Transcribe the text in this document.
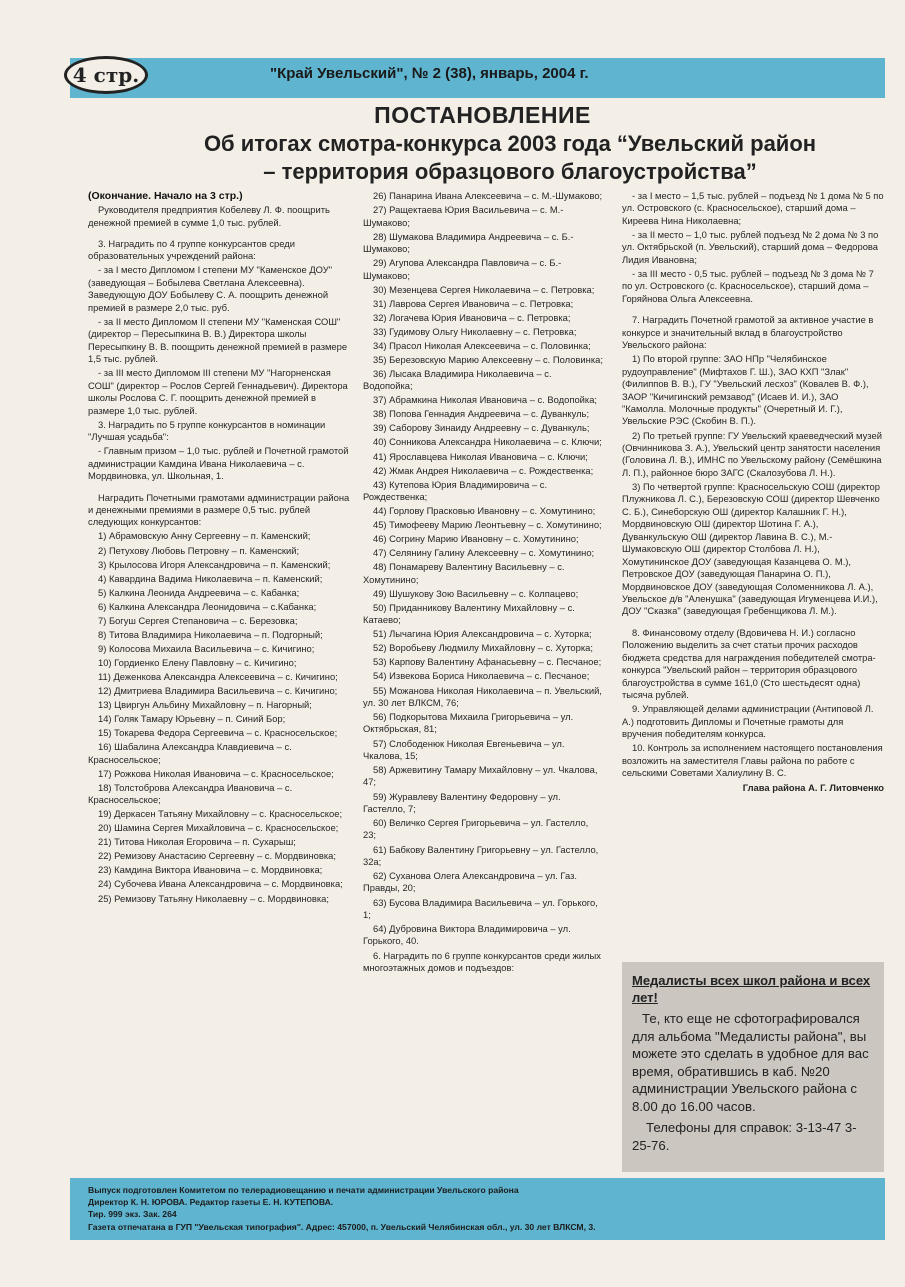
4 стр.	"Край Увельский", № 2 (38), январь, 2004 г.
ПОСТАНОВЛЕНИЕ
Об итогах смотра-конкурса 2003 года “Увельский район
– территория образцового благоустройства”

(Окончание. Начало на 3 стр.)

Руководителя предприятия Кобелеву Л. Ф. поощрить денежной премией в сумме 1,0 тыс. рублей.

3. Наградить по 4 группе конкурсантов среди образовательных учреждений района:

- за I место Дипломом I степени МУ "Каменское ДОУ" (заведующая – Бобылева Светлана Алексеевна). Заведующую ДОУ Бобылеву С. А. поощрить денежной премией в размере 2,0 тыс. руб.

- за II место Дипломом II степени МУ "Каменская СОШ" (директор – Пересыпкина В. В.) Директора школы Пересыпкину В. В. поощрить денежной премией в размере 1,5 тыс. рублей.

- за III место Дипломом III степени МУ "Нагорненская СОШ" (директор – Рослов Сергей Геннадьевич). Директора школы Рослова С. Г. поощрить денежной премией в размере 1,0 тыс. рублей.

3. Наградить по 5 группе конкурсантов в номинации "Лучшая усадьба":

- Главным призом – 1,0 тыс. рублей и Почетной грамотой администрации Камдина Ивана Николаевича – с. Мордвиновка, ул. Школьная, 1.

Наградить Почетными грамотами администрации района и денежными премиями в размере 0,5 тыс. рублей следующих конкурсантов:

1) Абрамовскую Анну Сергеевну – п. Каменский;

2) Петухову Любовь Петровну – п. Каменский;

3) Крылосова Игоря Александровича – п. Каменский;

4) Кавардина Вадима Николаевича – п. Каменский;

5) Калкина Леонида Андреевича – с. Кабанка;

6) Калкина Александра Леонидовича – с.Кабанка;

7) Богуш Сергея Степановича – с. Березовка;

8) Титова Владимира Николаевича – п. Подгорный;

9) Колосова Михаила Васильевича – с. Кичигино;

10) Гордиенко Елену Павловну – с. Кичигино;

11) Деженкова Александра Алексеевича – с. Кичигино;

12) Дмитриева Владимира Васильевича – с. Кичигино;

13) Цвиргун Альбину Михайловну – п. Нагорный;

14) Голяк Тамару Юрьевну – п. Синий Бор;

15) Токарева Федора Сергеевича – с. Красносельское;

16) Шабалина Александра Клавдиевича – с. Красносельское;

17) Рожкова Николая Ивановича – с. Красносельское;

18) Толстоброва Александра Ивановича – с. Красносельское;

19) Деркасен Татьяну Михайловну – с. Красносельское;

20) Шамина Сергея Михайловича – с. Красносельское;

21) Титова Николая Егоровича – п. Сухарыш;

22) Ремизову Анастасию Сергеевну – с. Мордвиновка;

23) Камдина Виктора Ивановича – с. Мордвиновка;

24) Субочева Ивана Александровича – с. Мордвиновка;

25) Ремизову Татьяну Николаевну – с. Мордвиновка;

26) Панарина Ивана Алексеевича – с. М.-Шумаково;

27) Ращектаева Юрия Васильевича – с. М.-Шумаково;

28) Шумакова Владимира Андреевича – с. Б.-Шумаково;

29) Агупова Александра Павловича – с. Б.-Шумаково;

30) Мезенцева Сергея Николаевича – с. Петровка;

31) Лаврова Сергея Ивановича – с. Петровка;

32) Логачева Юрия Ивановича – с. Петровка;

33) Гудимову Ольгу Николаевну – с. Петровка;

34) Прасол Николая Алексеевича – с. Половинка;

35) Березовскую Марию Алексеевну – с. Половинка;

36) Лысака Владимира Николаевича – с. Водопойка;

37) Абрамкина Николая Ивановича – с. Водопойка;

38) Попова Геннадия Андреевича – с. Дуванкуль;

39) Саборову Зинаиду Андреевну – с. Дуванкуль;

40) Сонникова Александра Николаевича – с. Ключи;

41) Ярославцева Николая Ивановича – с. Ключи;

42) Жмак Андрея Николаевича – с. Рождественка;

43) Кутепова Юрия Владимировича – с. Рождественка;

44) Горлову Прасковью Ивановну – с. Хомутинино;

45) Тимофееву Марию Леонтьевну – с. Хомутинино;

46) Согрину Марию Ивановну – с. Хомутинино;

47) Селянину Галину Алексеевну – с. Хомутинино;

48) Понамареву Валентину Васильевну – с. Хомутинино;

49) Шушукову Зою Васильевну – с. Колпацево;

50) Приданникову Валентину Михайловну – с. Катаево;

51) Лычагина Юрия Александровича – с. Хуторка;

52) Воробьеву Людмилу Михайловну – с. Хуторка;

53) Карпову Валентину Афанасьевну – с. Песчаное;

54) Извекова Бориса Николаевича – с. Песчаное;

55) Можанова Николая Николаевича – п. Увельский, ул. 30 лет ВЛКСМ, 76;

56) Подкорытова Михаила Григорьевича – ул. Октябрьская, 81;

57) Слободенюк Николая Евгеньевича – ул. Чкалова, 15;

58) Аржевитину Тамару Михайловну – ул. Чкалова, 47;

59) Журавлеву Валентину Федоровну – ул. Гастелло, 7;

60) Величко Сергея Григорьевича – ул. Гастелло, 23;

61) Бабкову Валентину Григорьевну – ул. Гастелло, 32а;

62) Суханова Олега Александровича – ул. Газ. Правды, 20;

63) Бусова Владимира Васильевича – ул. Горького, 1;

64) Дубровина Виктора Владимировича – ул. Горького, 40.

6. Наградить по 6 группе конкурсантов среди жилых многоэтажных домов и подъездов:

- за I место – 1,5 тыс. рублей – подъезд № 1 дома № 5 по ул. Островского (с. Красносельское), старший дома – Киреева Нина Николаевна;

- за II место – 1,0 тыс. рублей подъезд № 2 дома № 3 по ул. Октябрьской (п. Увельский), старший дома – Федорова Лидия Ивановна;

- за III место - 0,5 тыс. рублей – подъезд № 3 дома № 7 по ул. Островского (с. Красносельское), старший дома – Горяйнова Ольга Алексеевна.

7. Наградить Почетной грамотой за активное участие в конкурсе и значительный вклад в благоустройство Увельского района:

1) По второй группе: ЗАО НПр "Челябинское рудоуправление" (Мифтахов Г. Ш.), ЗАО КХП "Злак" (Филиппов В. В.), ГУ "Увельский лесхоз" (Ковалев В. Ф.), ЗАОР "Кичигинский ремзавод" (Исаев И. И.), ЗАО "Камолла. Молочные продукты" (Очеретный И. Г.), Увельские РЭС (Скобин В. П.).

2) По третьей группе: ГУ Увельский краеведческий музей (Овчинникова З. А.), Увельский центр занятости населения (Головина Л. В.), ИМНС по Увельскому району (Семёшкина Л. П.), районное бюро ЗАГС (Скалозубова Л. Н.).

3) По четвертой группе: Красносельскую СОШ (директор Плужникова Л. С.), Березовскую СОШ (директор Шевченко С. Б.), Синеборскую ОШ (директор Калашник Г. Н.), Мордвиновскую ОШ (директор Шотина Г. А.), Дуванкульскую ОШ (директор Лавина В. С.), М.-Шумаковскую ОШ (директор Столбова Л. Н.), Хомутининское ДОУ (заведующая Казанцева О. М.), Петровское ДОУ (заведующая Панарина О. П.), Мордвиновское ДОУ (заведующая Соломенникова Л. А.), Увельское д/в "Аленушка" (заведующая Игуменцева И.И.), ДОУ "Сказка" (заведующая Гребенщикова Л. М.).

8. Финансовому отделу (Вдовичева Н. И.) согласно Положению выделить за счет статьи прочих расходов бюджета средства для награждения победителей смотра-конкурса "Увельский район – территория образцового благоустройства в сумме 161,0 (Сто шестьдесят одна) тысяча рублей.

9. Управляющей делами администрации (Антиповой Л. А.) подготовить Дипломы и Почетные грамоты для вручения победителям конкурса.

10. Контроль за исполнением настоящего постановления возложить на заместителя Главы района по работе с сельскими Советами Халиулину В. С.

Глава района А. Г. Литовченко
Медалисты всех школ района и всех лет!
Те, кто еще не сфотографировался для альбома "Медалисты района", вы можете это сделать в удобное для вас время, обратившись в каб. №20 администрации Увельского района с 8.00 до 16.00 часов.
Телефоны для справок: 3-13-47 3-25-76.
Выпуск подготовлен Комитетом по телерадиовещанию и печати администрации Увельского района
Директор К. Н. ЮРОВА. Редактор газеты Е. Н. КУТЕПОВА.
Тир. 999 экз. Зак. 264
Газета отпечатана в ГУП "Увельская типография". Адрес: 457000, п. Увельский Челябинская обл., ул. 30 лет ВЛКСМ, 3.
